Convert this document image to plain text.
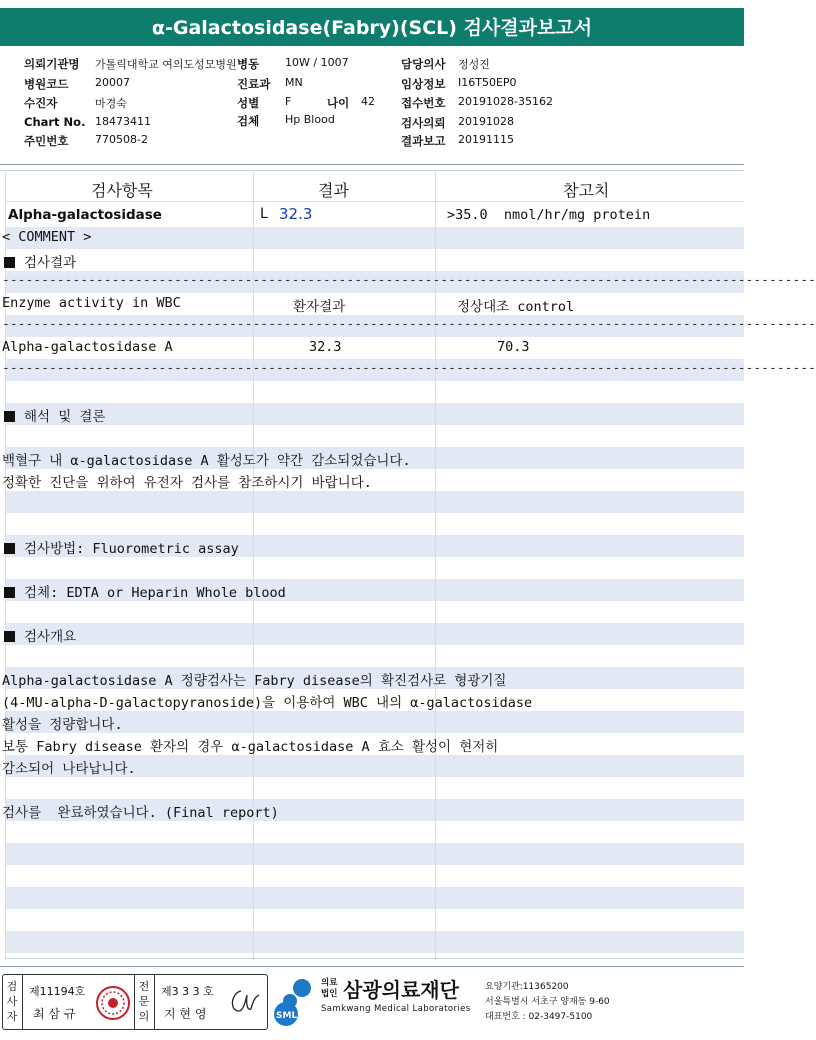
α-Galactosidase(Fabry)(SCL) 검사결과보고서
의뢰기관명 가톨릭대학교 여의도성모병원
병원코드 20007
수진자	마경숙
Chart No. 18473411
주민번호 770508-2
병동 10W / 1007
진료과 MN
성별 F	나이 42
검체 Hp Blood
담당의사 정성진
임상정보 I16T50EP0
접수번호 20191028-35162
검사의뢰 20191028
결과보고 20191115
검사항목	결과	참고치
Alpha-galactosidase	L 32.3	>35.0  nmol/hr/mg protein
< COMMENT >
검사결과
--------------------------------------------------------------------------------------------------------
Enzyme activity in WBC	환자결과	정상대조 control
--------------------------------------------------------------------------------------------------------
Alpha-galactosidase A	32.3	70.3
--------------------------------------------------------------------------------------------------------
해석 및 결론
백혈구 내 α-galactosidase A 활성도가 약간 감소되었습니다.
정확한 진단을 위하여 유전자 검사를 참조하시기 바랍니다.
검사방법: Fluorometric assay
검체: EDTA or Heparin Whole blood
검사개요
Alpha-galactosidase A 정량검사는 Fabry disease의 확진검사로 형광기질
(4-MU-alpha-D-galactopyranoside)을 이용하여 WBC 내의 α-galactosidase
활성을 정량합니다.
보통 Fabry disease 환자의 경우 α-galactosidase A 효소 활성이 현저히
감소되어 나타납니다.
검사를  완료하였습니다. (Final report)
검사자
제11194호
최 삼 규
전문의
제3 3 3 호
지 현 영	SML
의료법인 삼광의료재단
Samkwang Medical Laboratories
요양기관:11365200
서울특별시 서초구 양재동 9-60
대표번호 : 02-3497-5100
